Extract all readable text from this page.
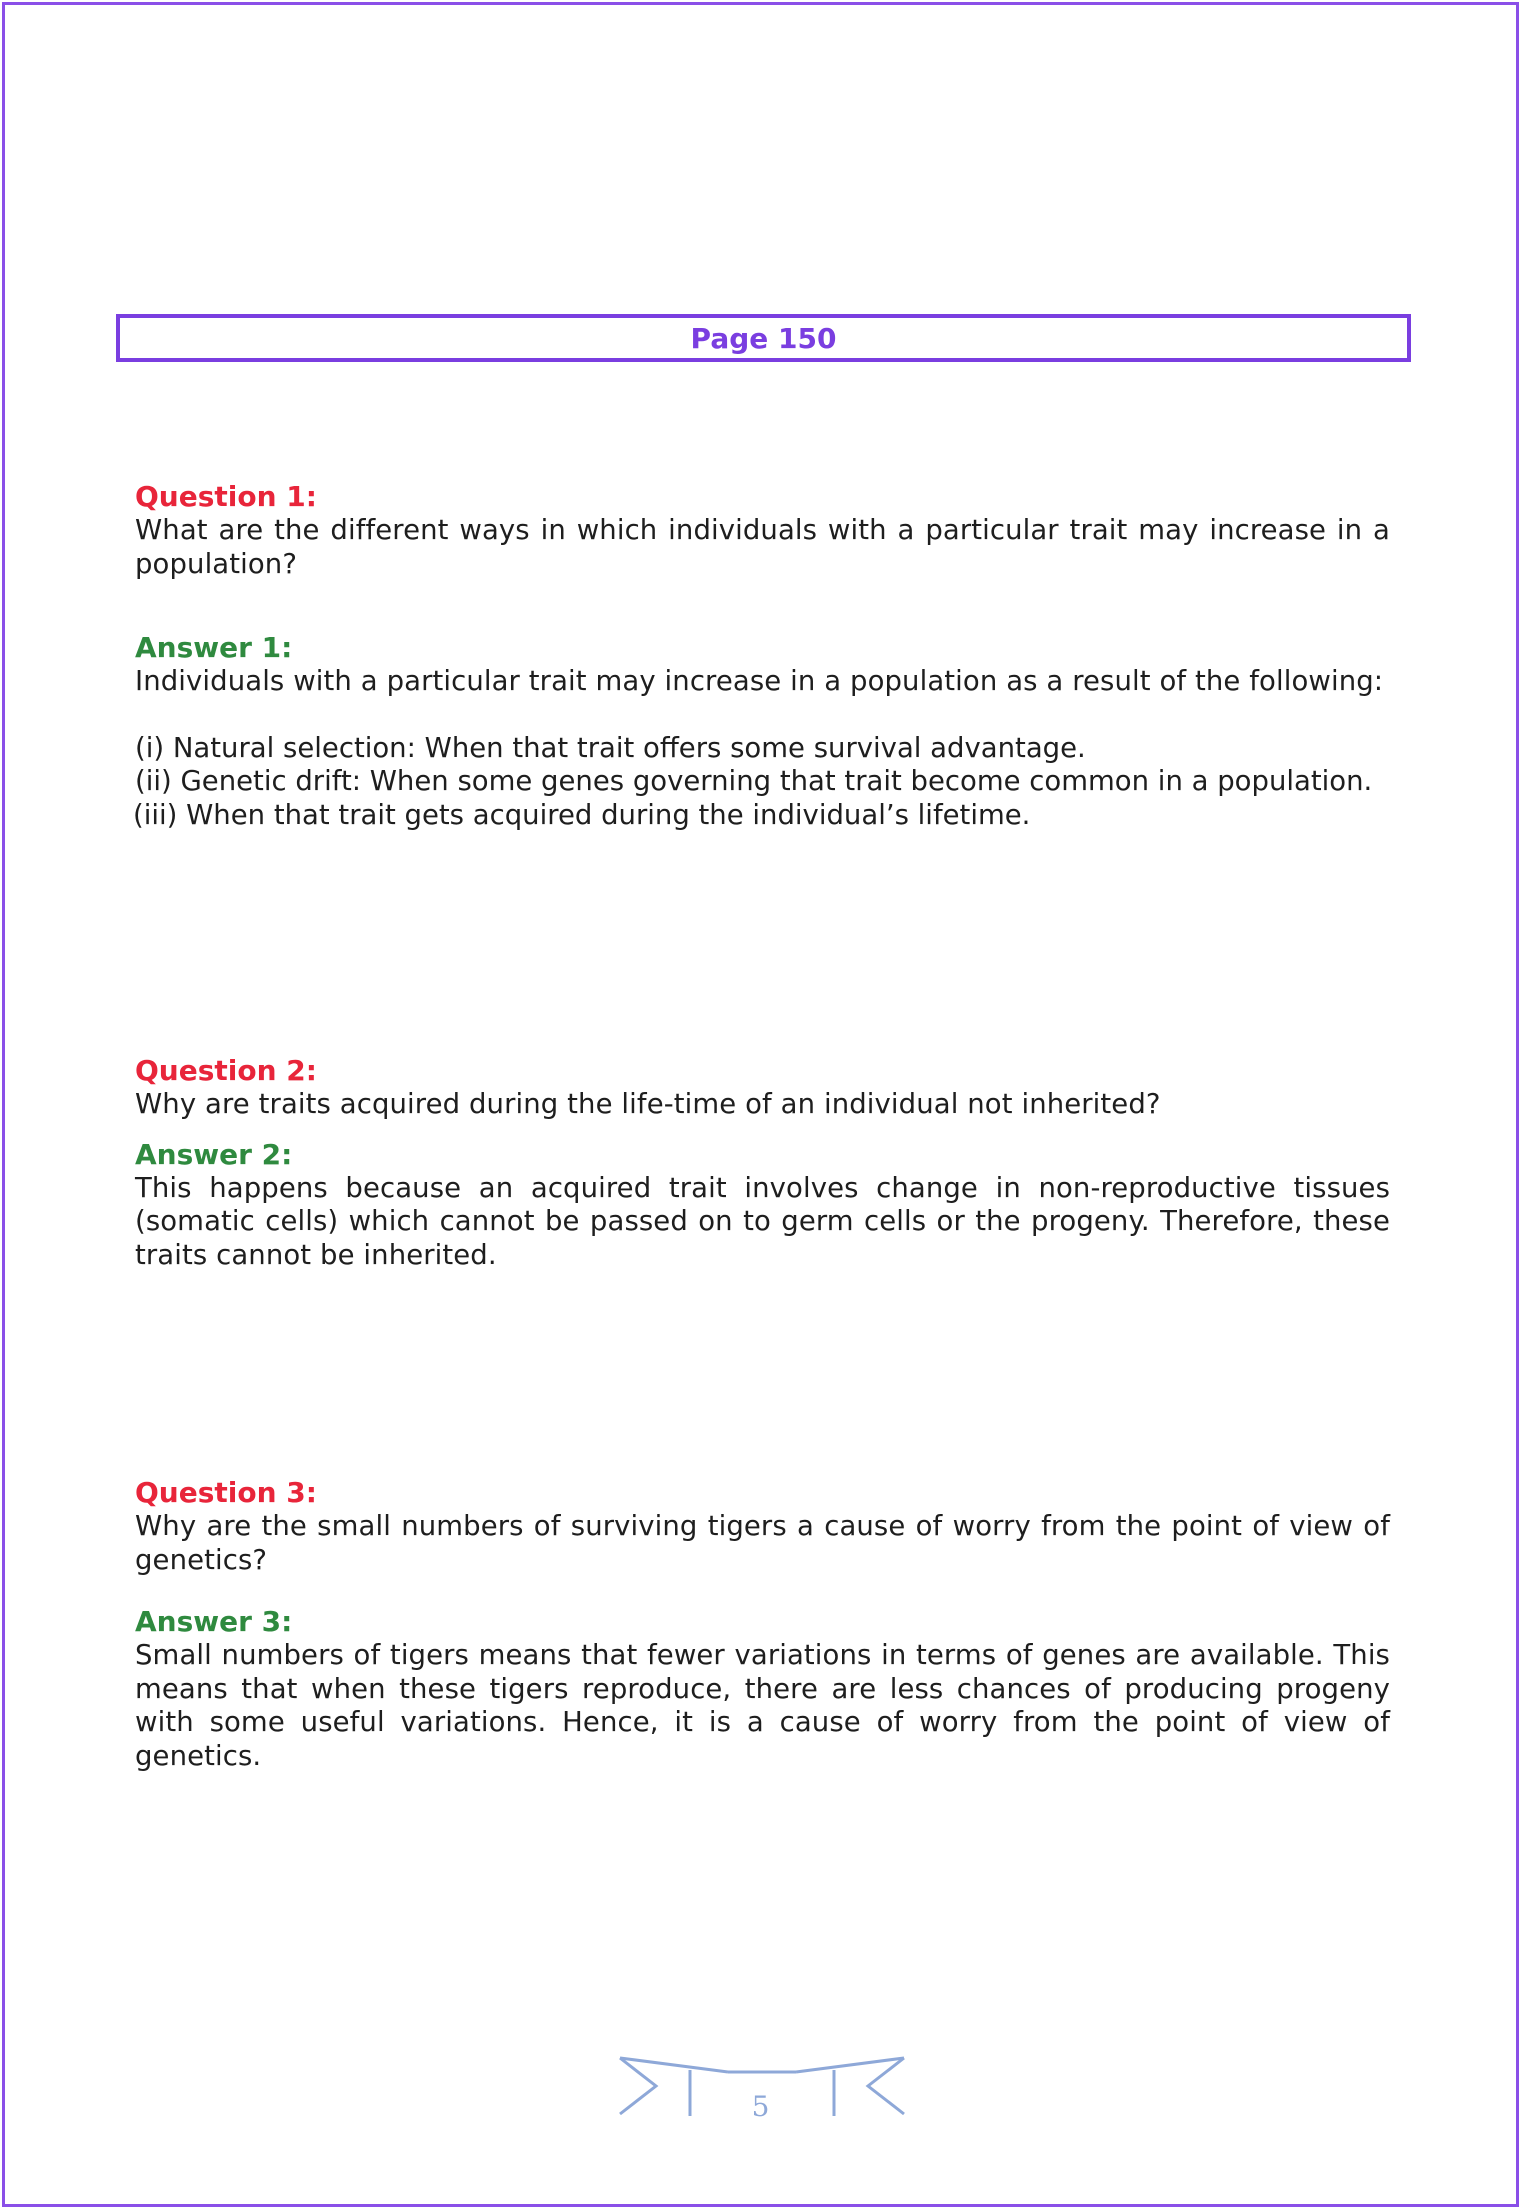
Page 150
Question 1:
What are the different ways in which individuals with a particular trait may increase in a population?
Answer 1:
Individuals with a particular trait may increase in a population as a result of the following:
(i) Natural selection: When that trait offers some survival advantage.
(ii) Genetic drift: When some genes governing that trait become common in a population.
(iii) When that trait gets acquired during the individual’s lifetime.
Question 2:
Why are traits acquired during the life-time of an individual not inherited?
Answer 2:
This happens because an acquired trait involves change in non-reproductive tissues (somatic cells) which cannot be passed on to germ cells or the progeny. Therefore, these traits cannot be inherited.
Question 3:
Why are the small numbers of surviving tigers a cause of worry from the point of view of genetics?
Answer 3:
Small numbers of tigers means that fewer variations in terms of genes are available. This means that when these tigers reproduce, there are less chances of producing progeny with some useful variations. Hence, it is a cause of worry from the point of view of genetics.
5
